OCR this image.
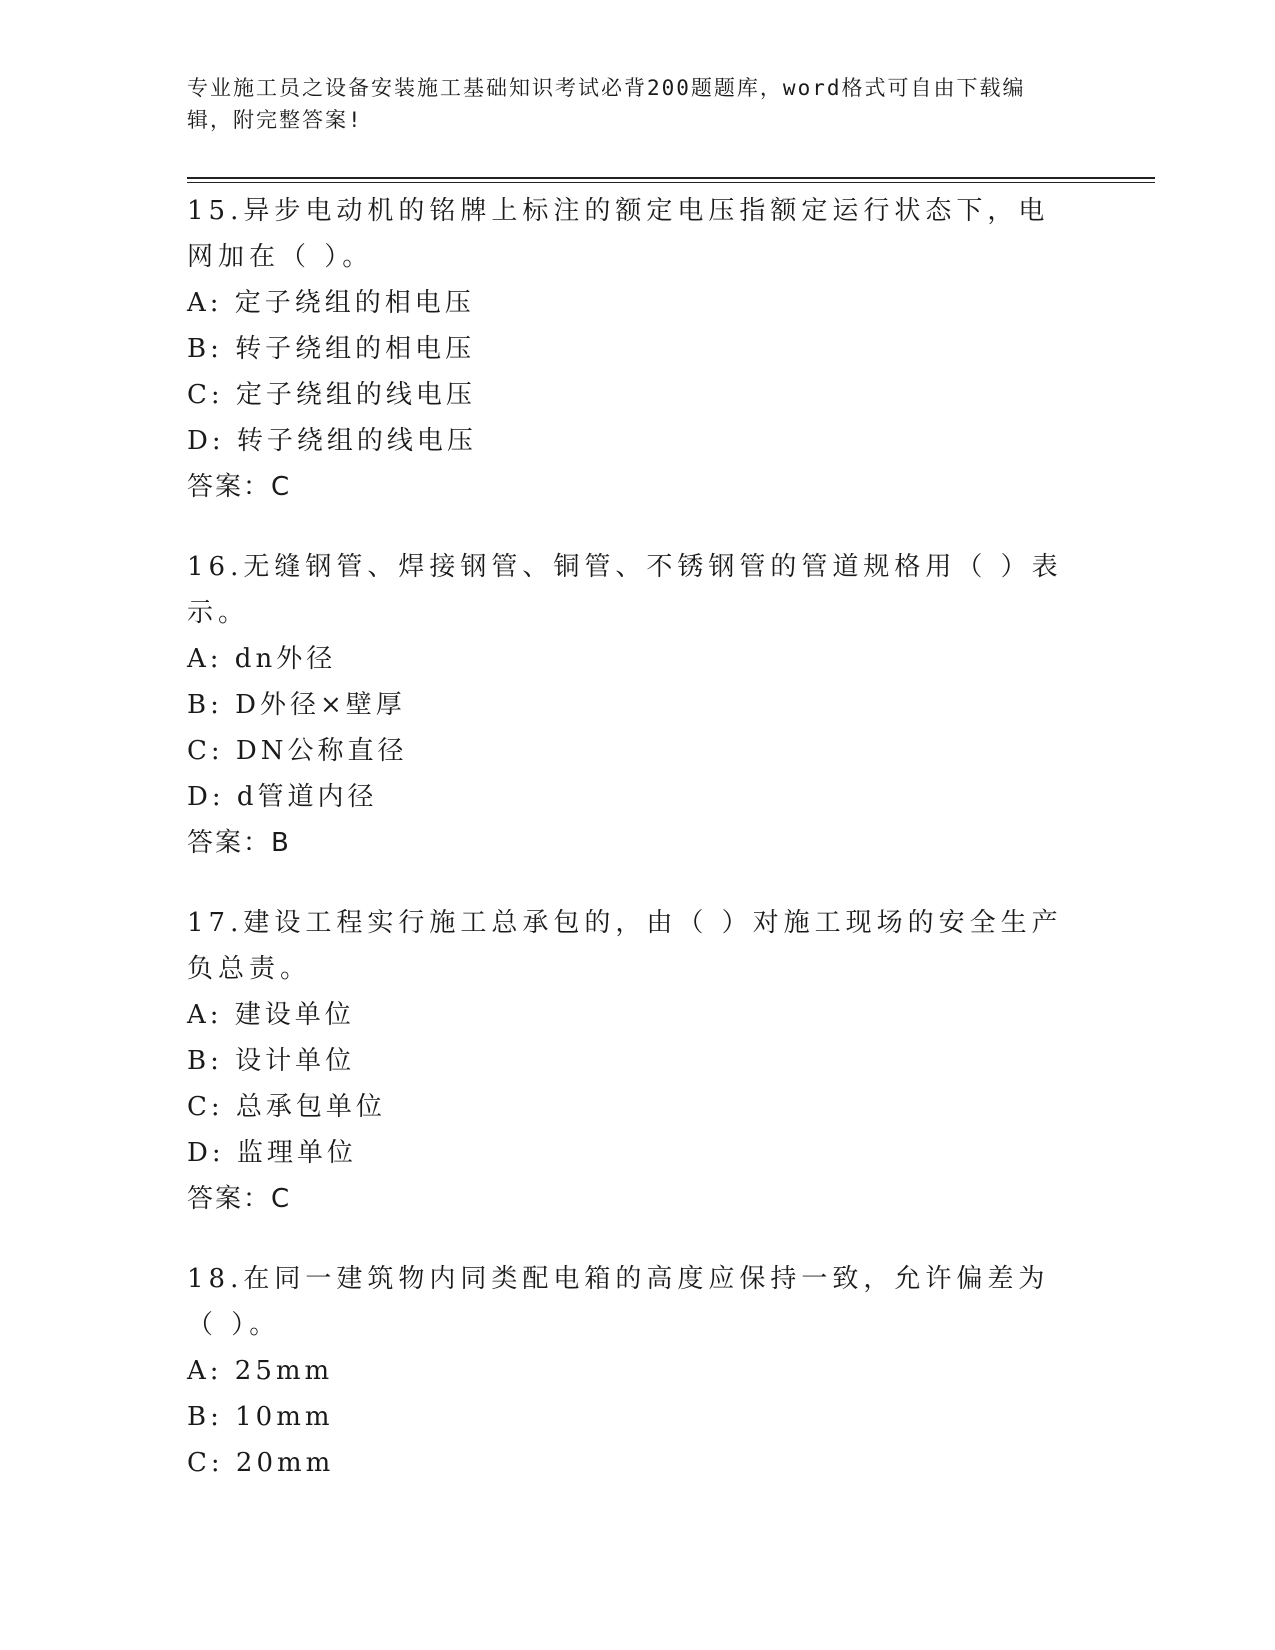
专业施工员之设备安装施工基础知识考试必背200题题库，word格式可自由下载编辑，附完整答案!
15.异步电动机的铭牌上标注的额定电压指额定运行状态下，电网加在（ ）。
A: 定子绕组的相电压
B: 转子绕组的相电压
C: 定子绕组的线电压
D: 转子绕组的线电压
答案：C
16.无缝钢管、焊接钢管、铜管、不锈钢管的管道规格用（ ）表示。
A: dn外径
B: D外径×壁厚
C: DN公称直径
D: d管道内径
答案：B
17.建设工程实行施工总承包的，由（ ）对施工现场的安全生产负总责。
A: 建设单位
B: 设计单位
C: 总承包单位
D: 监理单位
答案：C
18.在同一建筑物内同类配电箱的高度应保持一致，允许偏差为（ ）。
A: 25mm
B: 10mm
C: 20mm
